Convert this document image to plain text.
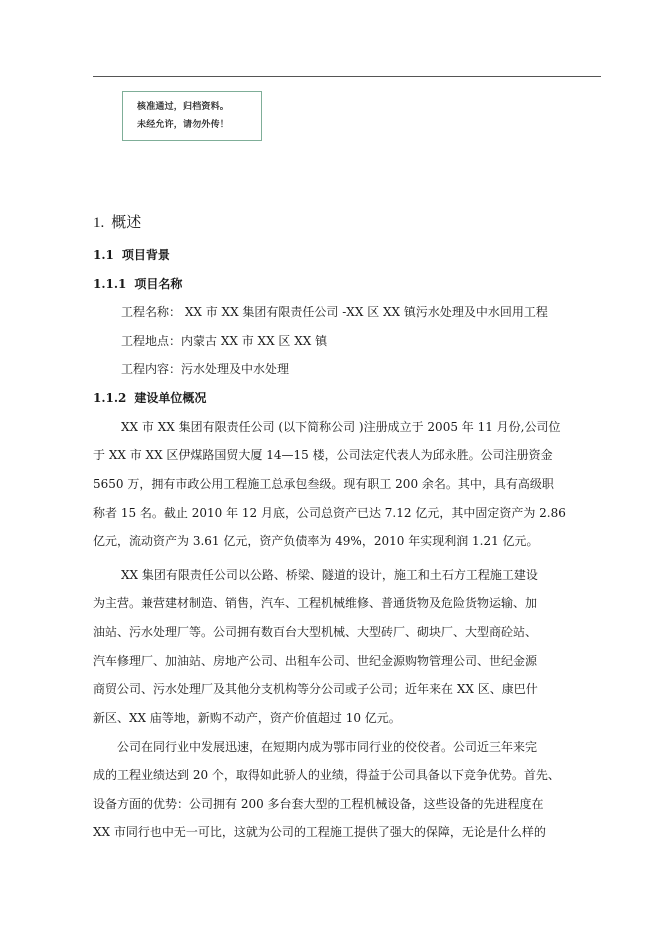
核准通过，归档资料。
未经允许，请勿外传！
1. 概述
1.1 项目背景
1.1.1 项目名称
工程名称： XX 市 XX 集团有限责任公司 -XX 区 XX 镇污水处理及中水回用工程
工程地点：内蒙古 XX 市 XX 区 XX 镇
工程内容：污水处理及中水处理
1.1.2 建设单位概况
XX 市 XX 集团有限责任公司 (以下简称公司 )注册成立于 2005 年 11 月份,公司位
于 XX 市 XX 区伊煤路国贸大厦 14—15 楼，公司法定代表人为邱永胜。公司注册资金
5650 万，拥有市政公用工程施工总承包叁级。现有职工 200 余名。其中，具有高级职
称者 15 名。截止 2010 年 12 月底，公司总资产已达 7.12 亿元，其中固定资产为 2.86
亿元，流动资产为 3.61 亿元，资产负债率为 49%，2010 年实现利润 1.21 亿元。
XX 集团有限责任公司以公路、桥梁、隧道的设计，施工和土石方工程施工建设
为主营。兼营建材制造、销售，汽车、工程机械维修、普通货物及危险货物运输、加
油站、污水处理厂等。公司拥有数百台大型机械、大型砖厂、砌块厂、大型商砼站、
汽车修理厂、加油站、房地产公司、出租车公司、世纪金源购物管理公司、世纪金源
商贸公司、污水处理厂及其他分支机构等分公司或子公司；近年来在 XX 区、康巴什
新区、XX 庙等地，新购不动产，资产价值超过 10 亿元。
公司在同行业中发展迅速，在短期内成为鄂市同行业的佼佼者。公司近三年来完
成的工程业绩达到 20 个，取得如此骄人的业绩，得益于公司具备以下竞争优势。首先、
设备方面的优势：公司拥有 200 多台套大型的工程机械设备，这些设备的先进程度在
XX 市同行也中无一可比，这就为公司的工程施工提供了强大的保障，无论是什么样的
